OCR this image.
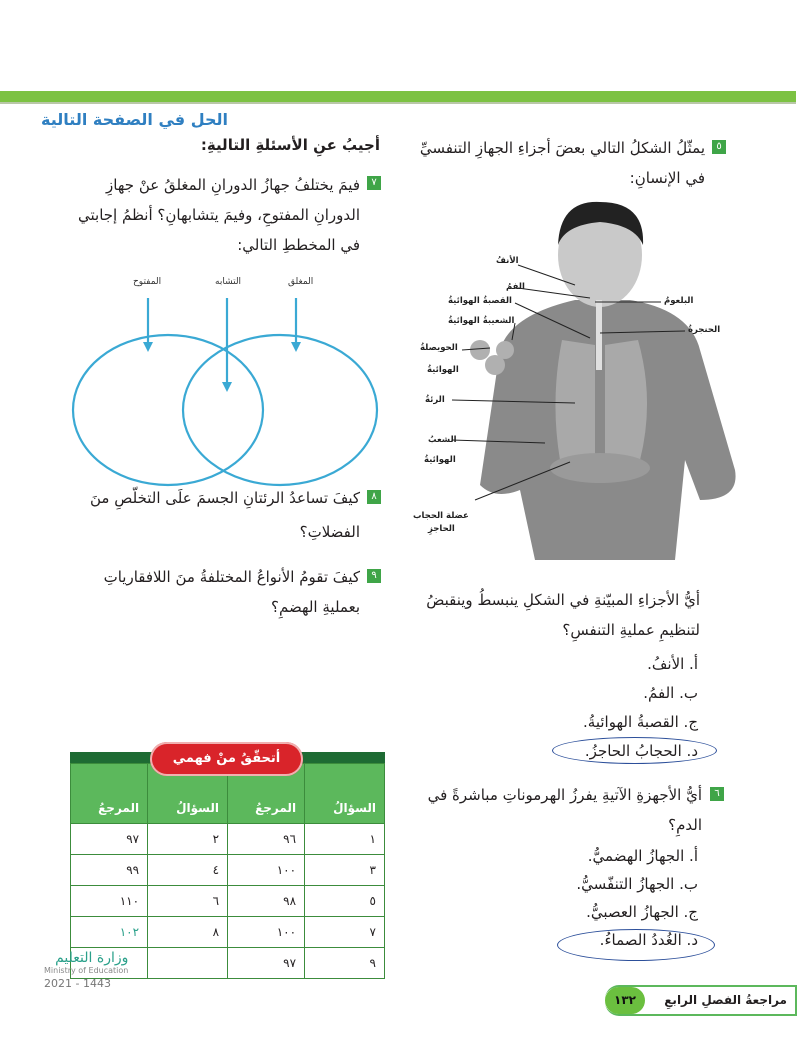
الحل في الصفحة التالية
أجيبُ عنِ الأسئلةِ التاليةِ:
٧
فيمَ يختلفُ جهازُ الدورانِ المغلقُ عنْ جهازِ
الدورانِ المفتوحِ، وفيمَ يتشابهانِ؟ أنظمُ إجابتي
في المخططِ التالي:
المفتوح	التشابه	المغلق
٨
كيفَ تساعدُ الرئتانِ الجسمَ علَى التخلّصِ منَ
الفضلاتِ؟
٩
كيفَ تقومُ الأنواعُ المختلفةُ منَ اللافقارياتِ
بعمليةِ الهضمِ؟
السؤالُ	المرجعُ	السؤالُ	المرجعُ
١	٩٦	٢	٩٧
٣	١٠٠	٤	٩٩
٥	٩٨	٦	١١٠
٧	١٠٠	٨	١٠٢
٩	٩٧		
أتحقّقُ منْ فهمي
وزارة التعليم
Ministry of Education
2021 - 1443
٥
يمثّلُ الشكلُ التالي بعضَ أجزاءِ الجهازِ التنفسيِّ
في الإنسانِ:
الأنفُ
الفمُ
القصبةُ الهوائيةُ
الشعيبةُ الهوائيةُ
الحويصلةُ
الهوائيةُ
الرئةُ
الشعبُ
الهوائيةُ
عضلة الحجاب
الحاجزِ
البلعومُ
الحنجرةُ
أيُّ الأجزاءِ المبيّنةِ في الشكلِ ينبسطُ وينقبضُ
لتنظيمِ عمليةِ التنفسِ؟
أ. الأنفُ.
ب. الفمُ.
ج. القصبةُ الهوائيةُ.
د. الحجابُ الحاجزُ.
٦
أيُّ الأجهزةِ الآتيةِ يفرزُ الهرموناتِ مباشرةً في
الدمِ؟
أ. الجهازُ الهضميُّ.
ب. الجهازُ التنفّسيُّ.
ج. الجهازُ العصبيُّ.
د. الغُددُ الصماءُ.
١٣٢	مراجعةُ الفصلِ الرابعِ
